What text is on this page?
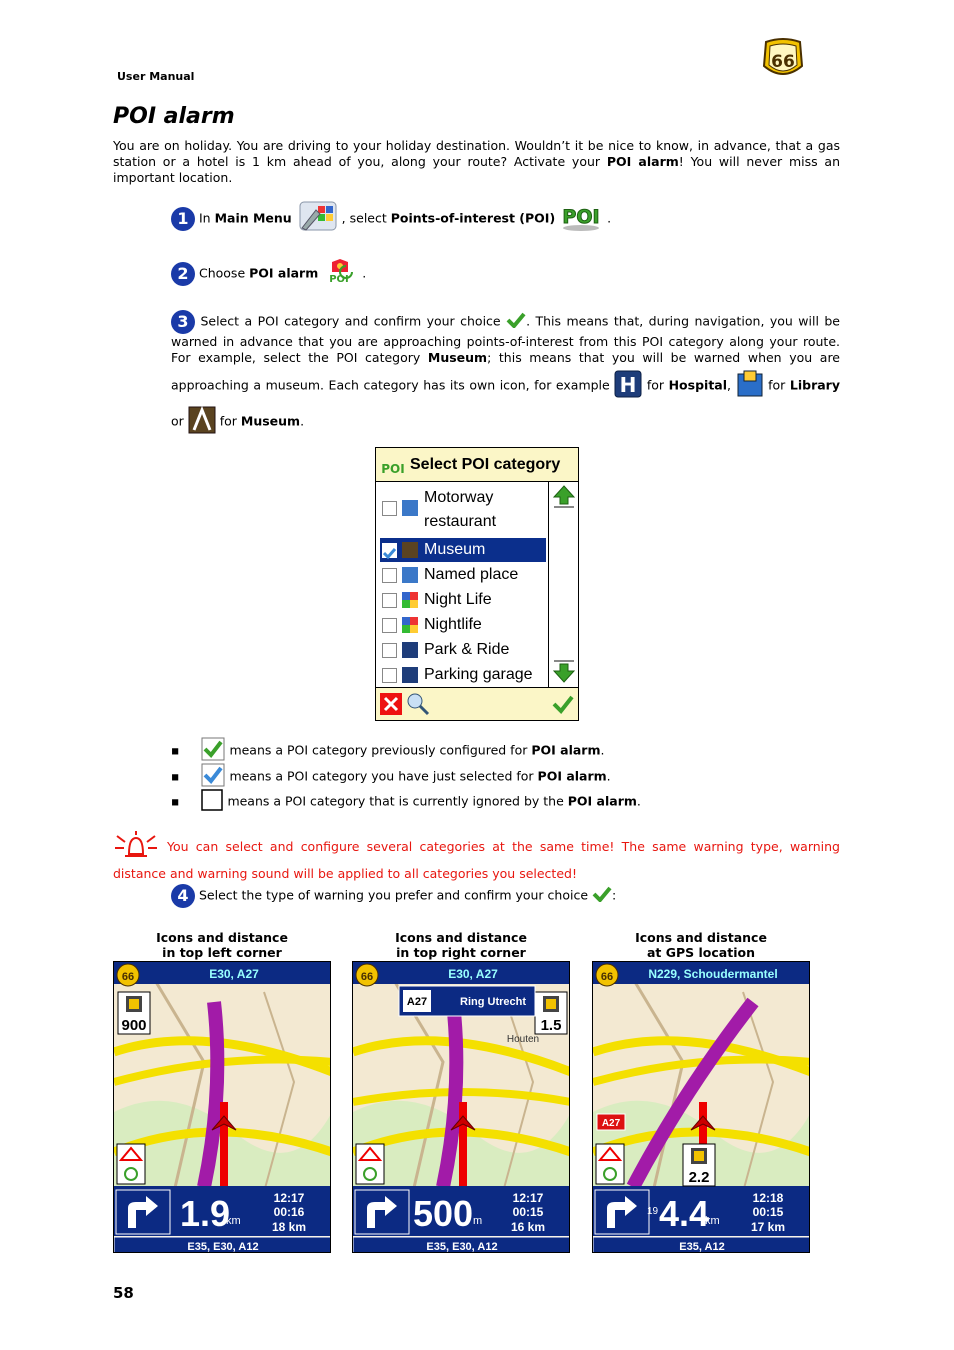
User Manual
66
POI alarm
You are on holiday. You are driving to your holiday destination. Wouldn’t it be nice to know, in advance, that a gas station or a hotel is 1 km ahead of you, along your route? Activate your POI alarm! You will never miss an important location.
1 In Main Menu	, select Points-of-interest (POI) POI .
2 Choose POI alarm POI .
3 Select a POI category and confirm your choice . This means that, during navigation, you will be warned in advance that you are approaching points-of-interest from this POI category along your route. For example, select the POI category Museum; this means that you will be warned when you are approaching a museum. Each category has its own icon, for example H for Hospital,  for Library or  for Museum.
POI Select POI category
Motorway
restaurant
Museum
Named place
Night Life
Nightlife
Park & Ride
Parking garage
▪	means a POI category previously configured for POI alarm.
▪	means a POI category you have just selected for POI alarm.
▪	means a POI category that is currently ignored by the POI alarm.
You can select and configure several categories at the same time! The same warning type, warning distance and warning sound will be applied to all categories you selected!
4 Select the type of warning you prefer and confirm your choice :
Icons and distance
in top left corner
E30, A27
66
1.9
km
12:17
00:16
18 km
E35, E30, A12
900
Icons and distance
in top right corner
E30, A27
66
500 m
12:17
00:15
16 km
E35, E30, A12
1.5
A27	Ring Utrecht
Houten
Icons and distance
at GPS location
N229, Schoudermantel
66
19 4.4
km
12:18
00:15
17 km
E35, A12
2.2
A27
58
